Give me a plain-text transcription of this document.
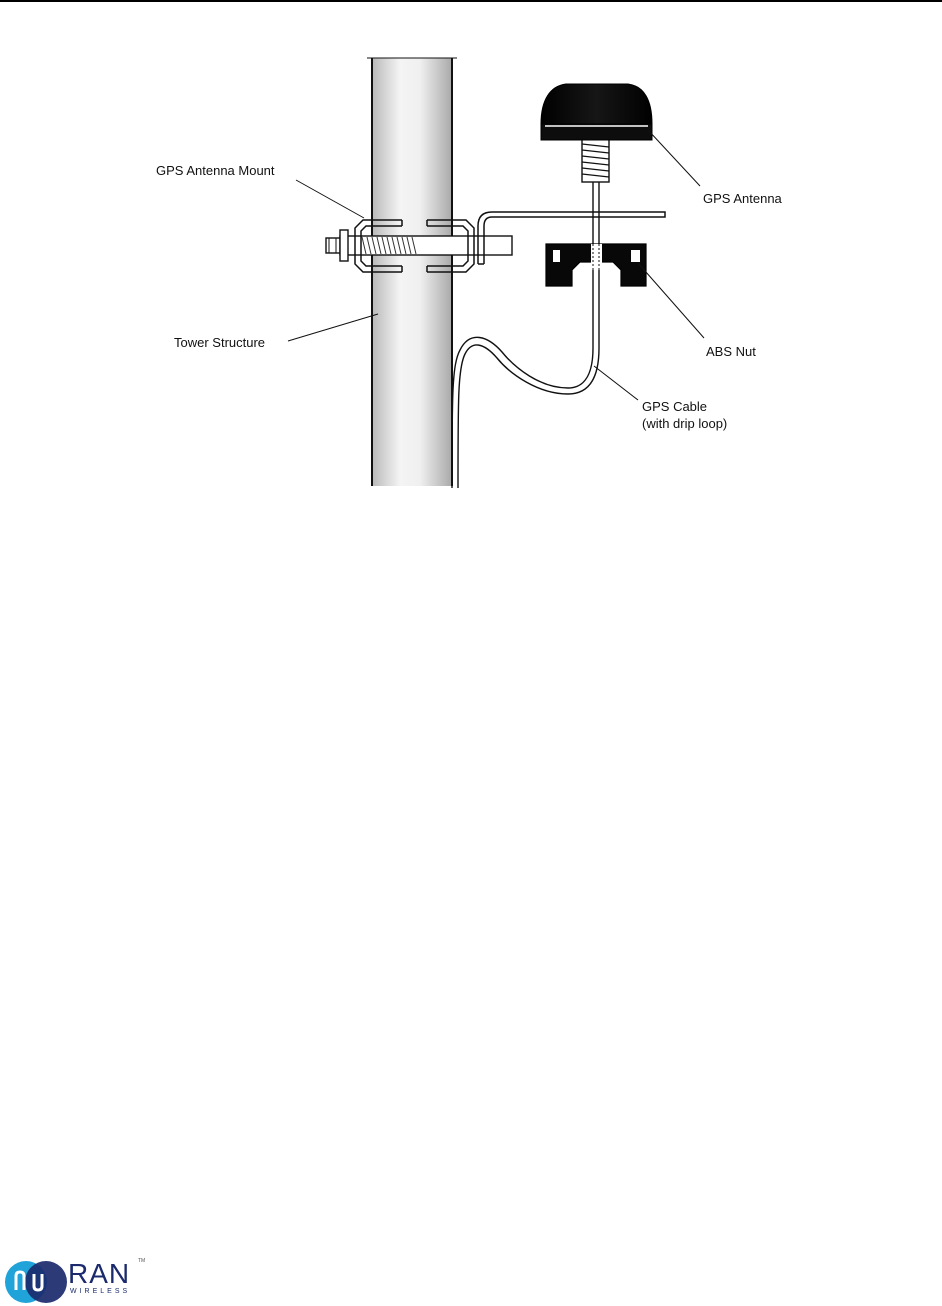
GPS Antenna Mount
GPS Antenna
Tower Structure
ABS Nut
GPS Cable
(with drip loop)
RAN TM
WIRELESS
